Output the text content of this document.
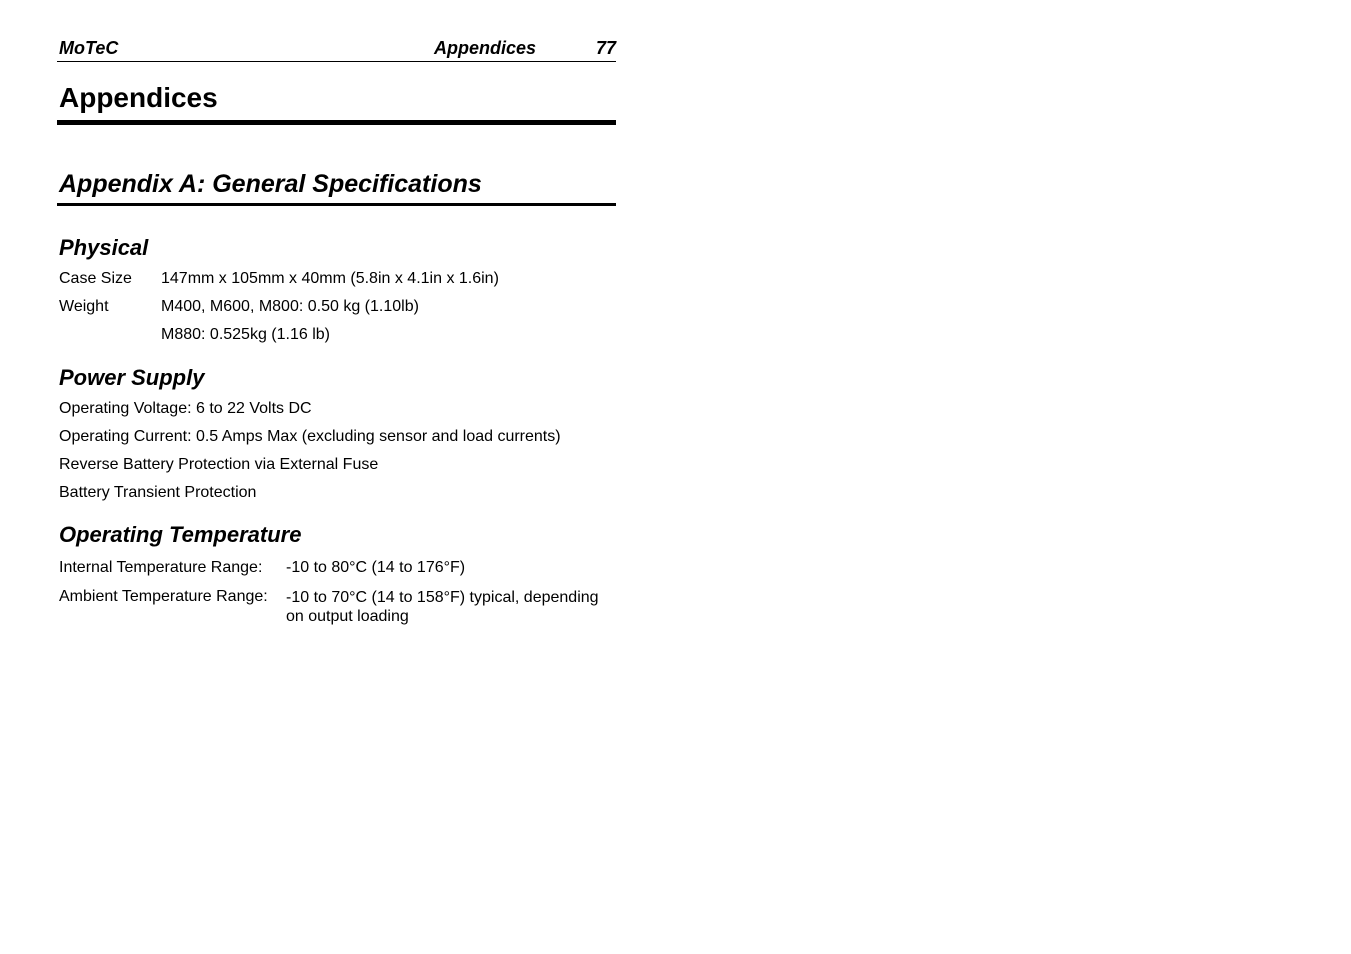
MoTeC	Appendices	77
Appendices
Appendix A: General Specifications
Physical
Case Size 147mm x 105mm x 40mm (5.8in x 4.1in x 1.6in)
Weight	M400, M600, M800: 0.50 kg (1.10lb)
M880: 0.525kg (1.16 lb)
Power Supply
Operating Voltage: 6 to 22 Volts DC
Operating Current: 0.5 Amps Max (excluding sensor and load currents)
Reverse Battery Protection via External Fuse
Battery Transient Protection
Operating Temperature
Internal Temperature Range: -10 to 80°C (14 to 176°F)
Ambient Temperature Range: -10 to 70°C (14 to 158°F) typical, depending on output loading
